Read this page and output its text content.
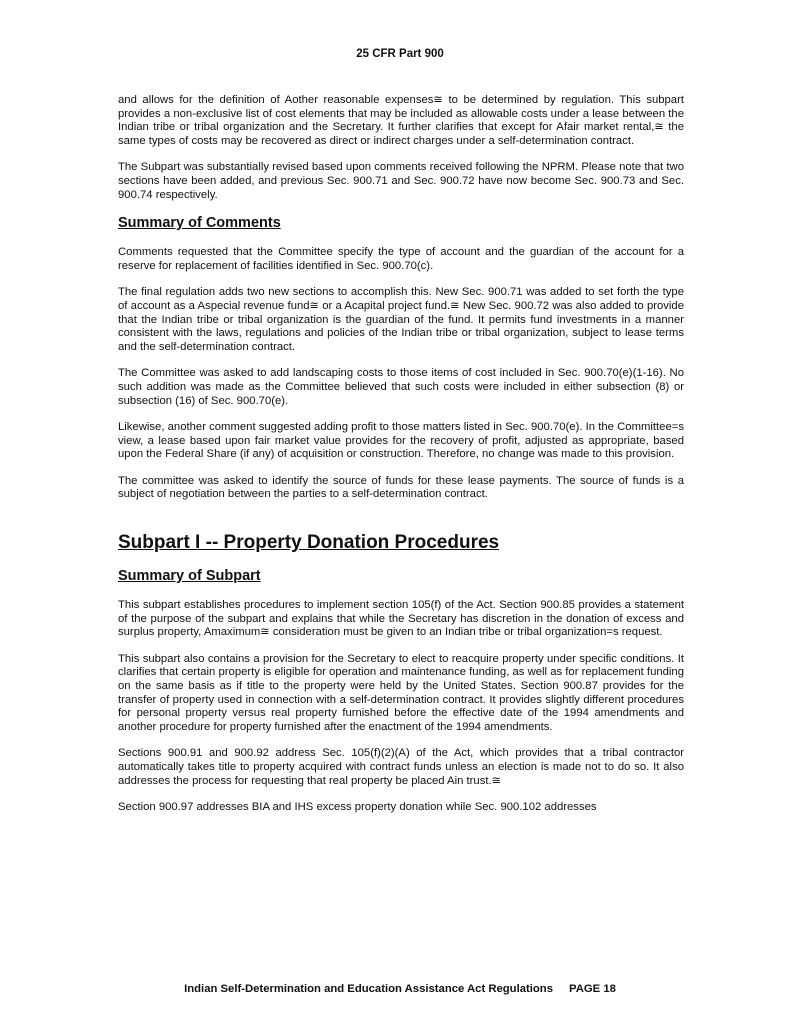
25 CFR Part 900

and allows for the definition of Aother reasonable expenses≅ to be determined by regulation. This subpart provides a non-exclusive list of cost elements that may be included as allowable costs under a lease between the Indian tribe or tribal organization and the Secretary. It further clarifies that except for Afair market rental,≅ the same types of costs may be recovered as direct or indirect charges under a self-determination contract.

The Subpart was substantially revised based upon comments received following the NPRM. Please note that two sections have been added, and previous Sec. 900.71 and Sec. 900.72 have now become Sec. 900.73 and Sec. 900.74 respectively.

Summary of Comments

Comments requested that the Committee specify the type of account and the guardian of the account for a reserve for replacement of facilities identified in Sec. 900.70(c).

The final regulation adds two new sections to accomplish this. New Sec. 900.71 was added to set forth the type of account as a Aspecial revenue fund≅ or a Acapital project fund.≅ New Sec. 900.72 was also added to provide that the Indian tribe or tribal organization is the guardian of the fund. It permits fund investments in a manner consistent with the laws, regulations and policies of the Indian tribe or tribal organization, subject to lease terms and the self-determination contract.

The Committee was asked to add landscaping costs to those items of cost included in Sec. 900.70(e)(1-16). No such addition was made as the Committee believed that such costs were included in either subsection (8) or subsection (16) of Sec. 900.70(e).

Likewise, another comment suggested adding profit to those matters listed in Sec. 900.70(e). In the Committee=s view, a lease based upon fair market value provides for the recovery of profit, adjusted as appropriate, based upon the Federal Share (if any) of acquisition or construction. Therefore, no change was made to this provision.

The committee was asked to identify the source of funds for these lease payments. The source of funds is a subject of negotiation between the parties to a self-determination contract.

Subpart I -- Property Donation Procedures
Summary of Subpart

This subpart establishes procedures to implement section 105(f) of the Act. Section 900.85 provides a statement of the purpose of the subpart and explains that while the Secretary has discretion in the donation of excess and surplus property, Amaximum≅ consideration must be given to an Indian tribe or tribal organization=s request.

This subpart also contains a provision for the Secretary to elect to reacquire property under specific conditions. It clarifies that certain property is eligible for operation and maintenance funding, as well as for replacement funding on the same basis as if title to the property were held by the United States. Section 900.87 provides for the transfer of property used in connection with a self-determination contract. It provides slightly different procedures for personal property versus real property furnished before the effective date of the 1994 amendments and another procedure for property furnished after the enactment of the 1994 amendments.

Sections 900.91 and 900.92 address Sec. 105(f)(2)(A) of the Act, which provides that a tribal contractor automatically takes title to property acquired with contract funds unless an election is made not to do so. It also addresses the process for requesting that real property be placed Ain trust.≅

Section 900.97 addresses BIA and IHS excess property donation while Sec. 900.102 addresses

Indian Self-Determination and Education Assistance Act Regulations PAGE 18
